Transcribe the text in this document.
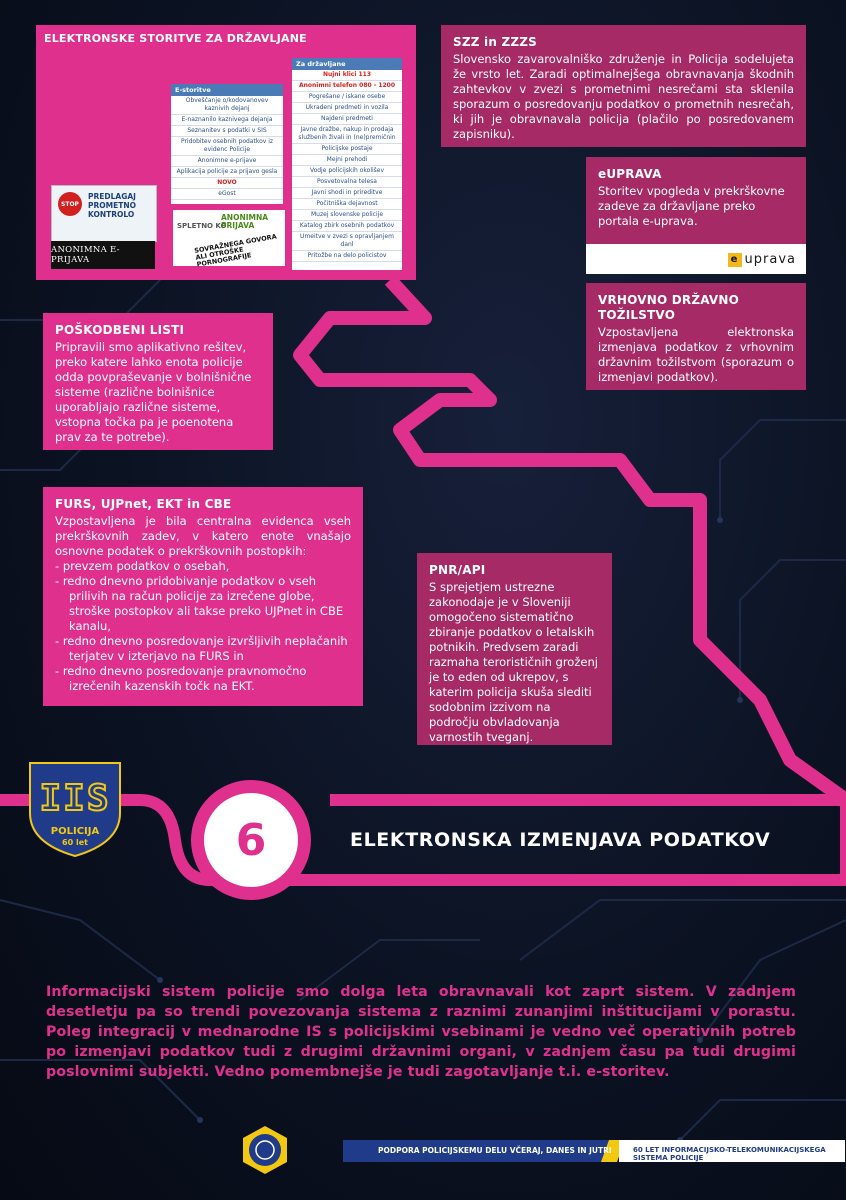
ELEKTRONSKE STORITVE ZA DRŽAVLJANE
E-storitve
Obveščanje o/kodovanovev kaznivih dejanj
E-naznanilo kaznivega dejanja
Seznanitev s podatki v SIS
Pridobitev osebnih podatkov iz evidenc Policije
Anonimne e-prijave
Aplikacija policije za prijavo gesla
NOVO
eGost
Za državljane
Nujni klici 113
Anonimni telefon 080 - 1200
Pogrešane / iskane osebe
Ukradeni predmeti in vozila
Najdeni predmeti
Javne dražbe, nakup in prodaja službenih živali in (ne)premičnin
Policijske postaje
Mejni prehodi
Vodje policijskih okolišev
Posvetovalna telesa
Javni shodi in prireditve
Počitniška dejavnost
Muzej slovenske policije
Katalog zbirk osebnih podatkov
Umeitve v zvezi s opravljanjem danl
Pritožbe na delo policistov
STOP
PREDLAGAJ PROMETNO KONTROLO
ANONIMNA E-PRIJAVA
SPLETNO KO
ANONIMNA PRIJAVA
SOVRAŽNEGA GOVORA ALI OTROŠKE PORNOGRAFIJE
SZZ in ZZZS

Slovensko zavarovalniško združenje in Policija sodelujeta že vrsto let. Zaradi optimalnejšega obravnavanja škodnih zahtevkov v zvezi s prometnimi nesrečami sta sklenila sporazum o posredovanju podatkov o prometnih nesrečah, ki jih je obravnavala policija (plačilo po posredovanem zapisniku).

eUPRAVA

Storitev vpogleda v prekrškovne zadeve za državljane preko portala e-uprava.

e uprava
VRHOVNO DRŽAVNO TOŽILSTVO

Vzpostavljena elektronska izmenjava podatkov z vrhovnim državnim tožilstvom (sporazum o izmenjavi podatkov).

POŠKODBENI LISTI

Pripravili smo aplikativno rešitev, preko katere lahko enota policije odda povpraševanje v bolnišnične sisteme (različne bolnišnice uporabljajo različne sisteme, vstopna točka pa je poenotena prav za te potrebe).

FURS, UJPnet, EKT in CBE

Vzpostavljena je bila centralna evidenca vseh prekrškovnih zadev, v katero enote vnašajo osnovne podatek o prekrškovnih postopkih:

- prevzem podatkov o osebah,
- redno dnevno pridobivanje podatkov o vseh prilivih na račun policije za izrečene globe, stroške postopkov ali takse preko UJPnet in CBE kanalu,
- redno dnevno posredovanje izvršljivih neplačanih terjatev v izterjavo na FURS in
- redno dnevno posredovanje pravnomočno izrečenih kazenskih točk na EKT.
PNR/API

S sprejetjem ustrezne zakonodaje je v Sloveniji omogočeno sistematično zbiranje podatkov o letalskih potnikih. Predvsem zaradi razmaha terorističnih groženj je to eden od ukrepov, s katerim policija skuša slediti sodobnim izzivom na področju obvladovanja varnostih tveganj.

IIS
POLICIJA
60 let	6	ELEKTRONSKA IZMENJAVA PODATKOV
Informacijski sistem policije smo dolga leta obravnavali kot zaprt sistem. V zadnjem desetletju pa so trendi povezovanja sistema z raznimi zunanjimi inštitucijami v porastu. Poleg integracij v mednarodne IS s policijskimi vsebinami je vedno več operativnih potreb po izmenjavi podatkov tudi z drugimi državnimi organi, v zadnjem času pa tudi drugimi poslovnimi subjekti. Vedno pomembnejše je tudi zagotavljanje t.i. e-storitev.
PODPORA POLICIJSKEMU DELU VČERAJ, DANES IN JUTRI	60 LET INFORMACIJSKO-TELEKOMUNIKACIJSKEGA SISTEMA POLICIJE
